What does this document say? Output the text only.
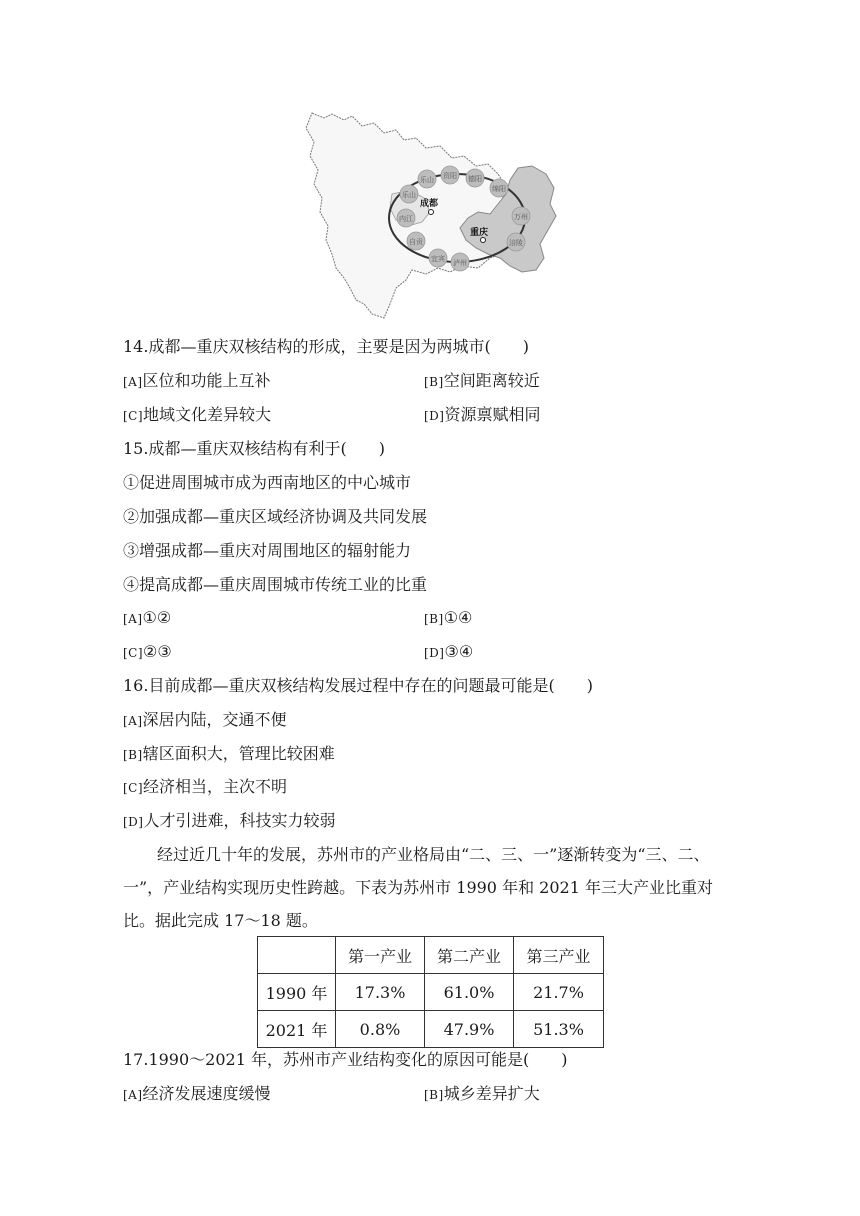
乐山
乐山 资阳 德阳
绵阳
万州
内江
自贡
宜宾 泸州
涪陵
成都
重庆
14.成都—重庆双核结构的形成，主要是因为两城市(　　)
[A]区位和功能上互补	[B]空间距离较近
[C]地域文化差异较大	[D]资源禀赋相同
15.成都—重庆双核结构有利于(　　)
①促进周围城市成为西南地区的中心城市
②加强成都—重庆区域经济协调及共同发展
③增强成都—重庆对周围地区的辐射能力
④提高成都—重庆周围城市传统工业的比重
[A]①②	[B]①④
[C]②③	[D]③④
16.目前成都—重庆双核结构发展过程中存在的问题最可能是(　　)
[A]深居内陆，交通不便
[B]辖区面积大，管理比较困难
[C]经济相当，主次不明
[D]人才引进难，科技实力较弱
经过近几十年的发展，苏州市的产业格局由“二、三、一”逐渐转变为“三、二、
一”，产业结构实现历史性跨越。下表为苏州市 1990 年和 2021 年三大产业比重对
比。据此完成 17～18 题。
	第一产业	第二产业	第三产业
1990 年	17.3%	61.0%	21.7%
2021 年	0.8%	47.9%	51.3%
17.1990～2021 年，苏州市产业结构变化的原因可能是(　　)
[A]经济发展速度缓慢	[B]城乡差异扩大
